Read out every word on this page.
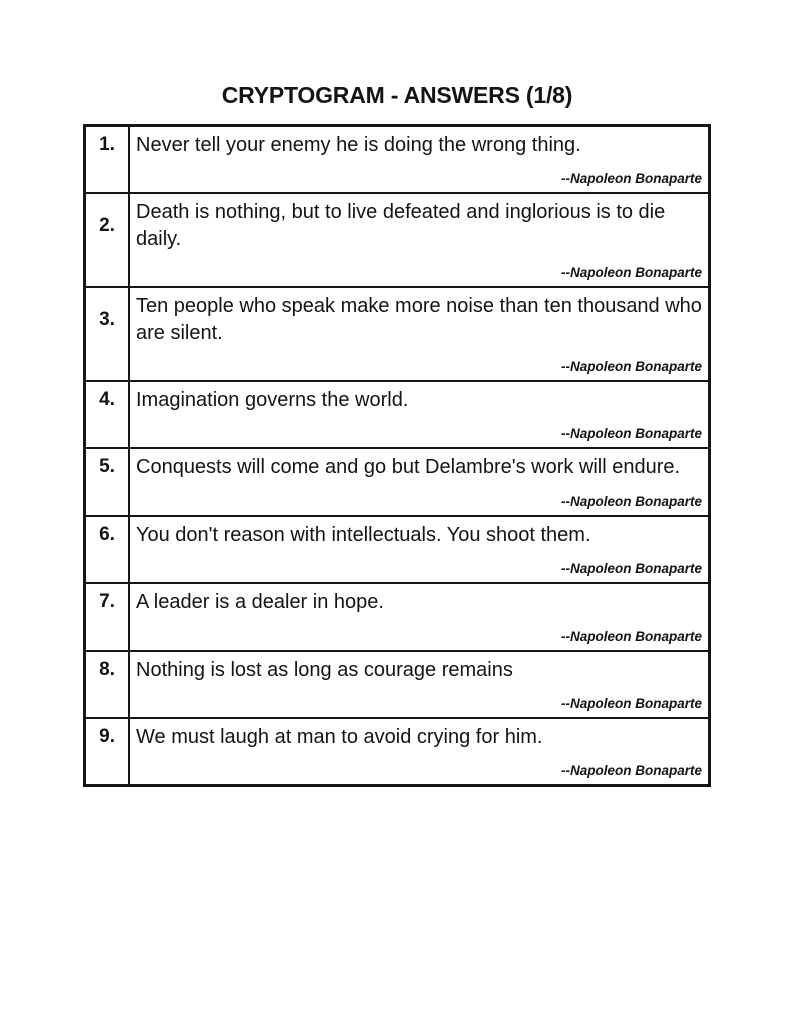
CRYPTOGRAM - ANSWERS (1/8)
1. Never tell your enemy he is doing the wrong thing.
--Napoleon Bonaparte
2.
Death is nothing, but to live defeated and inglorious is to die daily.
--Napoleon Bonaparte
3.
Ten people who speak make more noise than ten thousand who are silent.
--Napoleon Bonaparte
4. Imagination governs the world.
--Napoleon Bonaparte
5. Conquests will come and go but Delambre's work will endure.
--Napoleon Bonaparte
6. You don't reason with intellectuals. You shoot them.
--Napoleon Bonaparte
7. A leader is a dealer in hope.
--Napoleon Bonaparte
8. Nothing is lost as long as courage remains
--Napoleon Bonaparte
9. We must laugh at man to avoid crying for him.
--Napoleon Bonaparte
